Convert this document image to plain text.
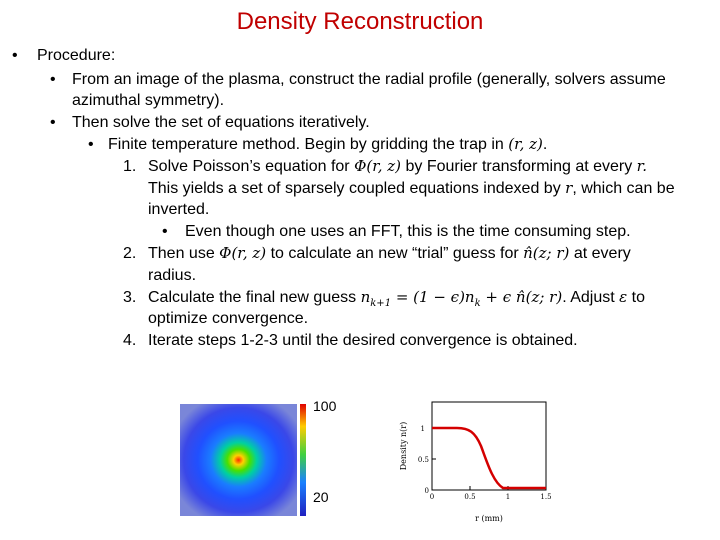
Density Reconstruction
• Procedure:
• From an image of the plasma, construct the radial profile (generally, solvers assume
azimuthal symmetry).
• Then solve the set of equations iteratively.
• Finite temperature method. Begin by gridding the trap in (r, z).
1. Solve Poisson’s equation for Φ(r, z) by Fourier transforming at every r.
This yields a set of sparsely coupled equations indexed by r, which can be
inverted.
• Even though one uses an FFT, this is the time consuming step.
2. Then use Φ(r, z) to calculate an new “trial” guess for n̂(z; r) at every
radius.
3. Calculate the final new guess $n_{k+1} = (1 - \epsilon)n_k + \epsilon$ n̂(z; r). Adjust ε to
optimize convergence.
4. Iterate steps 1-2-3 until the desired convergence is obtained.
100
20
1
0.5
0
0	0.5	1	1.5
r (mm)
Density n(r)
